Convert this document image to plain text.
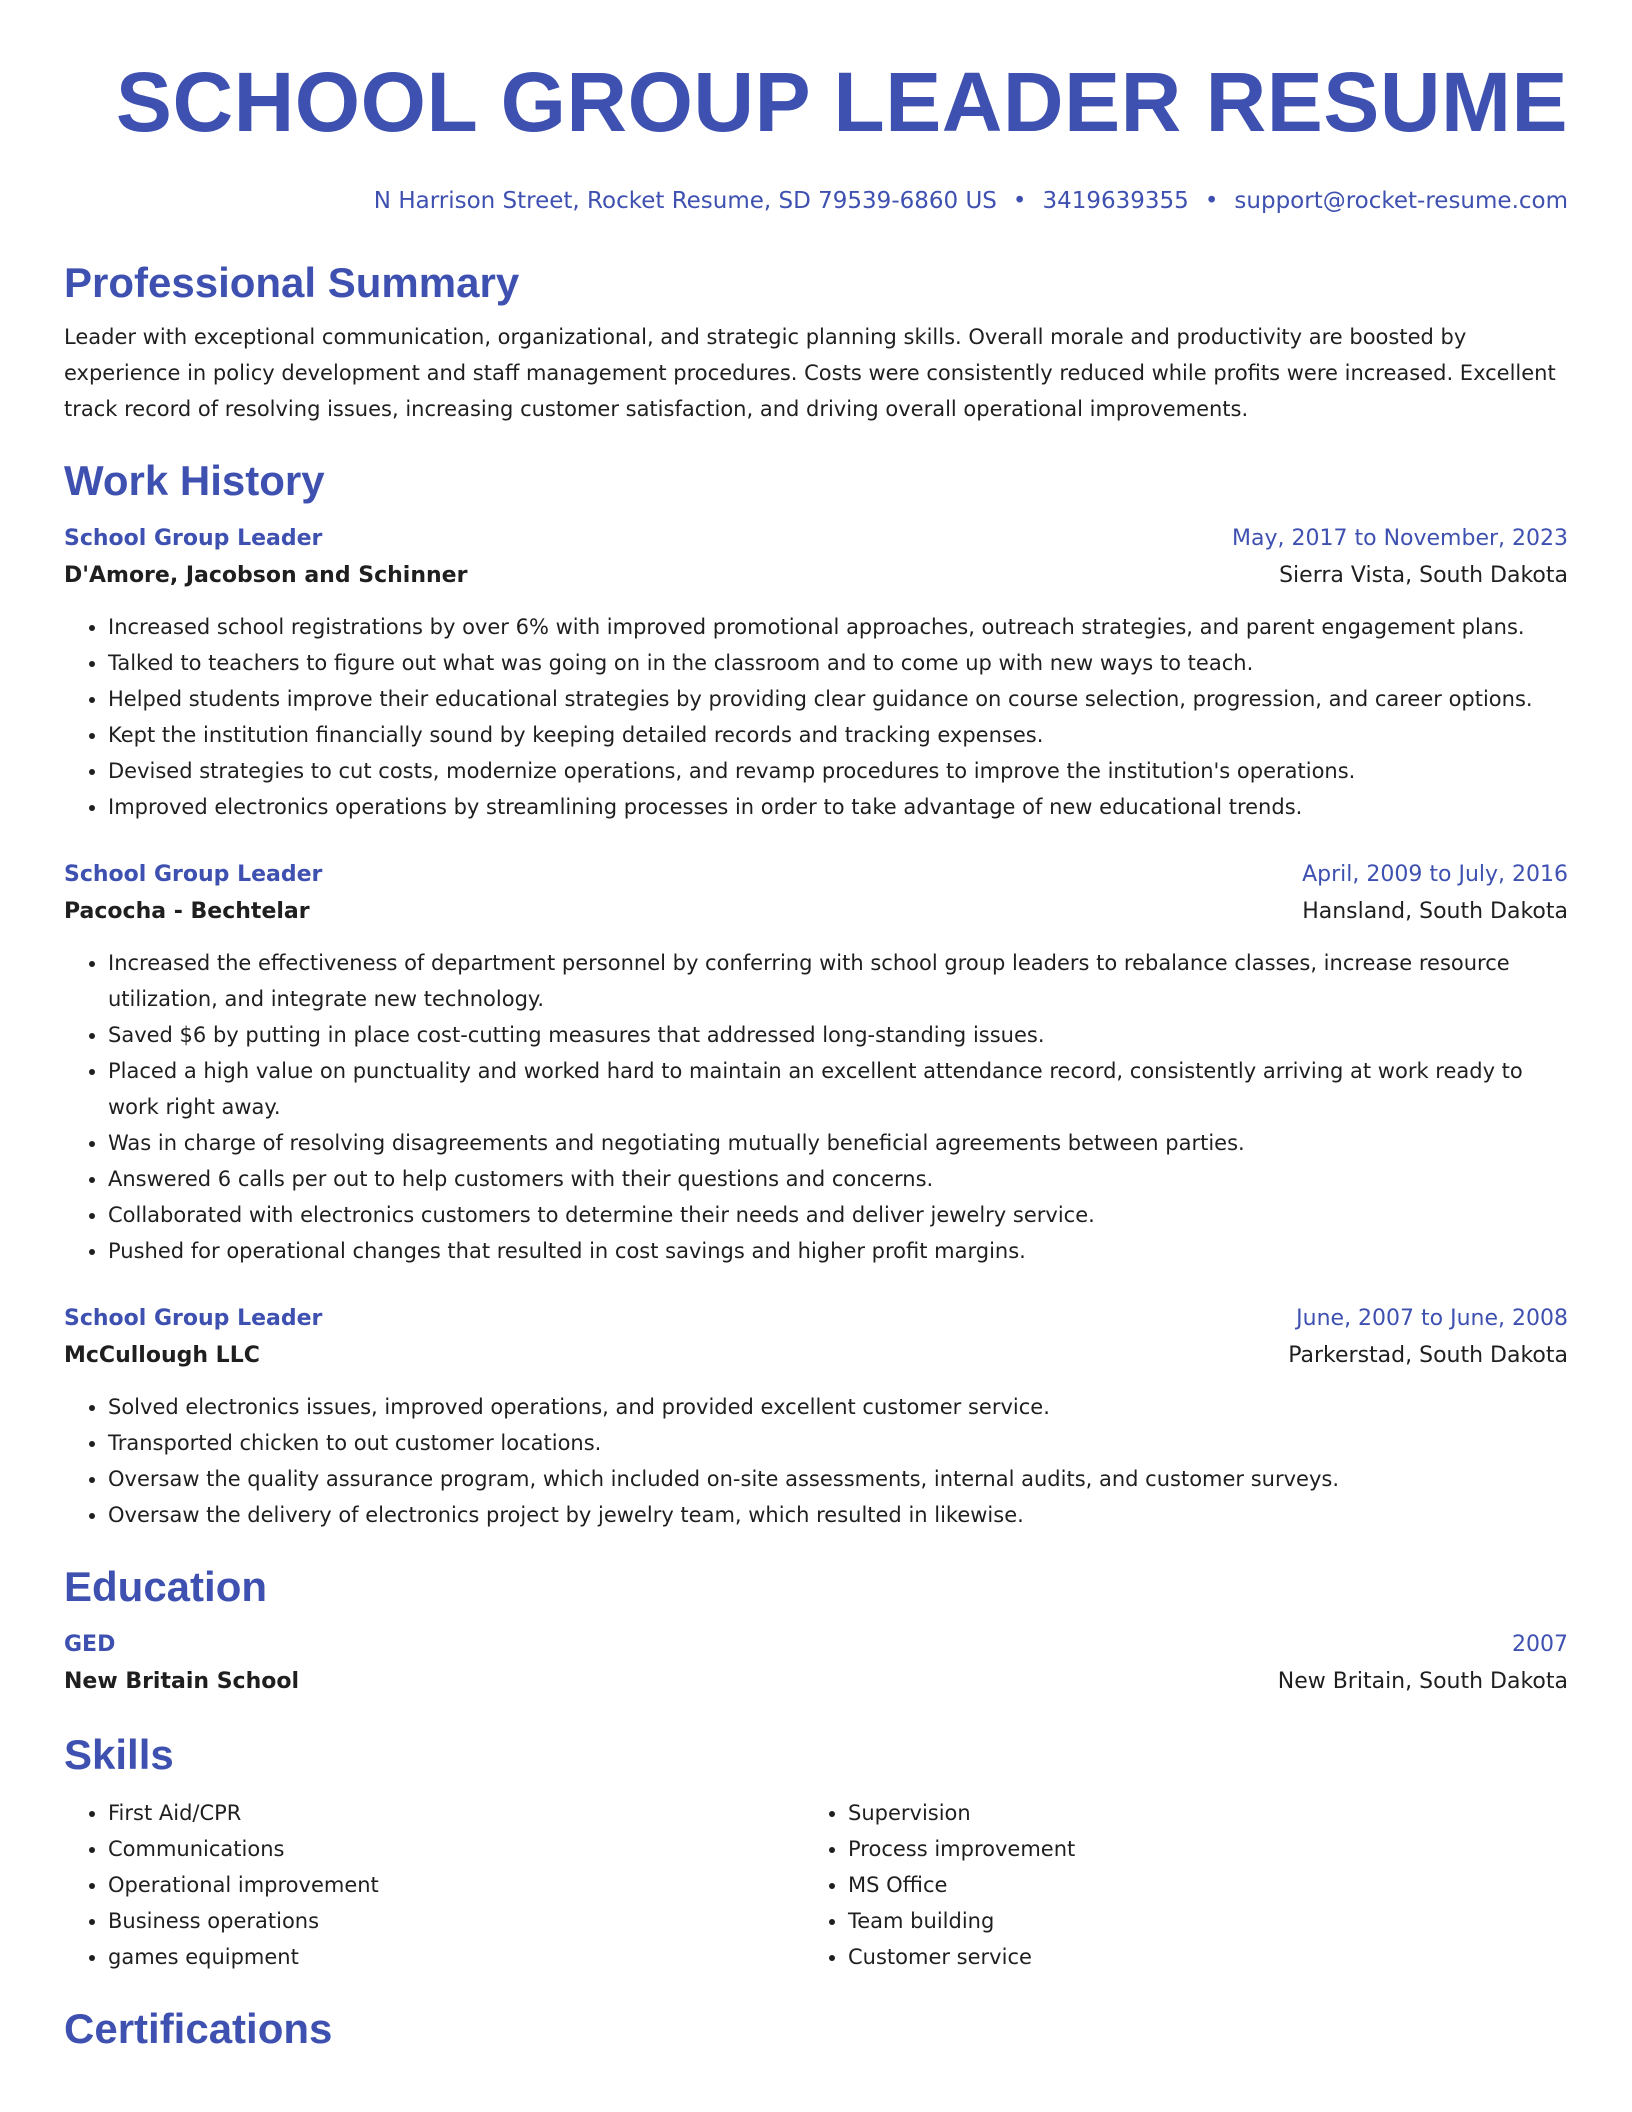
SCHOOL GROUP LEADER RESUME
N Harrison Street, Rocket Resume, SD 79539-6860 US • 3419639355 • support@rocket-resume.com
Professional Summary
Leader with exceptional communication, organizational, and strategic planning skills. Overall morale and productivity are boosted by experience in policy development and staff management procedures. Costs were consistently reduced while profits were increased. Excellent track record of resolving issues, increasing customer satisfaction, and driving overall operational improvements.
Work History
School Group Leader	May, 2017 to November, 2023
D'Amore, Jacobson and Schinner	Sierra Vista, South Dakota
• Increased school registrations by over 6% with improved promotional approaches, outreach strategies, and parent engagement plans.
• Talked to teachers to figure out what was going on in the classroom and to come up with new ways to teach.
• Helped students improve their educational strategies by providing clear guidance on course selection, progression, and career options.
• Kept the institution financially sound by keeping detailed records and tracking expenses.
• Devised strategies to cut costs, modernize operations, and revamp procedures to improve the institution's operations.
• Improved electronics operations by streamlining processes in order to take advantage of new educational trends.
School Group Leader	April, 2009 to July, 2016
Pacocha - Bechtelar	Hansland, South Dakota
• Increased the effectiveness of department personnel by conferring with school group leaders to rebalance classes, increase resource utilization, and integrate new technology.
• Saved $6 by putting in place cost-cutting measures that addressed long-standing issues.
• Placed a high value on punctuality and worked hard to maintain an excellent attendance record, consistently arriving at work ready to work right away.
• Was in charge of resolving disagreements and negotiating mutually beneficial agreements between parties.
• Answered 6 calls per out to help customers with their questions and concerns.
• Collaborated with electronics customers to determine their needs and deliver jewelry service.
• Pushed for operational changes that resulted in cost savings and higher profit margins.
School Group Leader	June, 2007 to June, 2008
McCullough LLC	Parkerstad, South Dakota
• Solved electronics issues, improved operations, and provided excellent customer service.
• Transported chicken to out customer locations.
• Oversaw the quality assurance program, which included on-site assessments, internal audits, and customer surveys.
• Oversaw the delivery of electronics project by jewelry team, which resulted in likewise.
Education
GED	2007
New Britain School	New Britain, South Dakota
Skills
• First Aid/CPR
• Communications
• Operational improvement
• Business operations
• games equipment
• Supervision
• Process improvement
• MS Office
• Team building
• Customer service
Certifications
